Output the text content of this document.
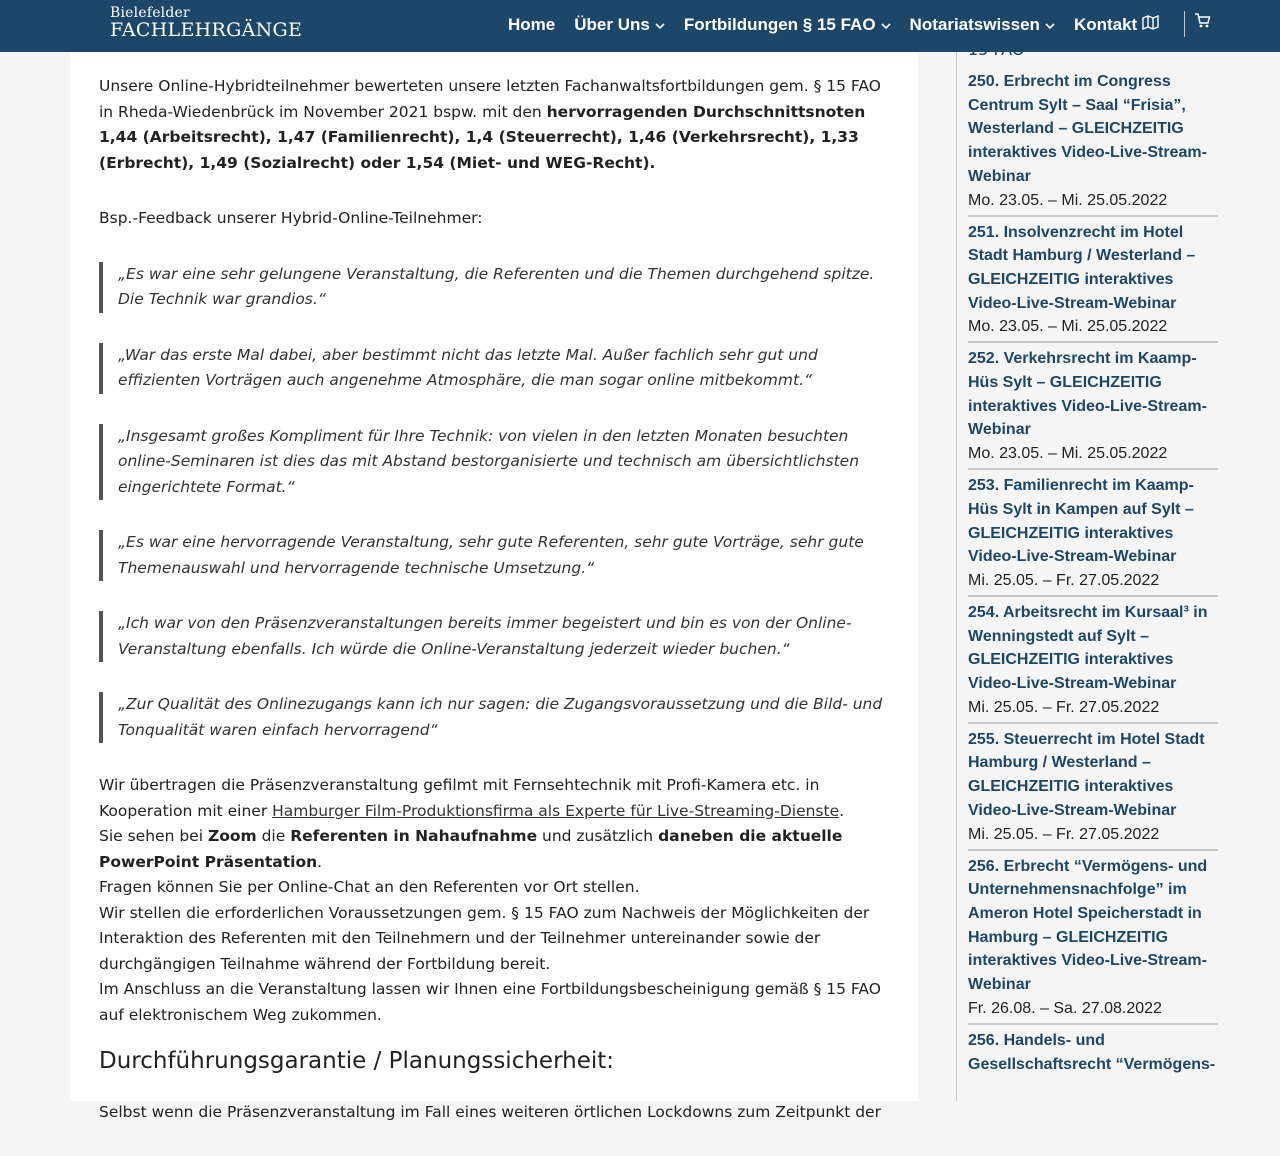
Bielefelder
FACHLEHRGÄNGE	Home Über Uns Fortbildungen § 15 FAO Notariatswissen Kontakt

Unsere Online-Hybridteilnehmer bewerteten unsere letzten Fachanwaltsfortbildungen gem. § 15 FAO in Rheda-Wiedenbrück im November 2021 bspw. mit den hervorragenden Durchschnittsnoten 1,44 (Arbeitsrecht), 1,47 (Familienrecht), 1,4 (Steuerrecht), 1,46 (Verkehrsrecht), 1,33 (Erbrecht), 1,49 (Sozialrecht) oder 1,54 (Miet- und WEG-Recht).

Bsp.-Feedback unserer Hybrid-Online-Teilnehmer:

„Es war eine sehr gelungene Veranstaltung, die Referenten und die Themen durchgehend spitze. Die Technik war grandios.“
„War das erste Mal dabei, aber bestimmt nicht das letzte Mal. Außer fachlich sehr gut und effizienten Vorträgen auch angenehme Atmosphäre, die man sogar online mitbekommt.“
„Insgesamt großes Kompliment für Ihre Technik: von vielen in den letzten Monaten besuchten online-Seminaren ist dies das mit Abstand bestorganisierte und technisch am übersichtlichsten eingerichtete Format.“
„Es war eine hervorragende Veranstaltung, sehr gute Referenten, sehr gute Vorträge, sehr gute Themenauswahl und hervorragende technische Umsetzung.“
„Ich war von den Präsenzveranstaltungen bereits immer begeistert und bin es von der Online- Veranstaltung ebenfalls. Ich würde die Online-Veranstaltung jederzeit wieder buchen.“
„Zur Qualität des Onlinezugangs kann ich nur sagen: die Zugangsvoraussetzung und die Bild- und Tonqualität waren einfach hervorragend“

Wir übertragen die Präsenzveranstaltung gefilmt mit Fernsehtechnik mit Profi-Kamera etc. in Kooperation mit einer Hamburger Film-Produktionsfirma als Experte für Live-Streaming-Dienste.
Sie sehen bei Zoom die Referenten in Nahaufnahme und zusätzlich daneben die aktuelle PowerPoint Präsentation.
Fragen können Sie per Online-Chat an den Referenten vor Ort stellen.
Wir stellen die erforderlichen Voraussetzungen gem. § 15 FAO zum Nachweis der Möglichkeiten der Interaktion des Referenten mit den Teilnehmern und der Teilnehmer untereinander sowie der durchgängigen Teilnahme während der Fortbildung bereit.
Im Anschluss an die Veranstaltung lassen wir Ihnen eine Fortbildungsbescheinigung gemäß § 15 FAO auf elektronischem Weg zukommen.

Durchführungsgarantie / Planungssicherheit:

Selbst wenn die Präsenzveranstaltung im Fall eines weiteren örtlichen Lockdowns zum Zeitpunkt der

250. Erbrecht im Congress Centrum Sylt – Saal “Frisia”, Westerland – GLEICHZEITIG interaktives Video-Live-Stream-Webinar
Mo. 23.05. – Mi. 25.05.2022
251. Insolvenzrecht im Hotel Stadt Hamburg / Westerland – GLEICHZEITIG interaktives Video-Live-Stream-Webinar
Mo. 23.05. – Mi. 25.05.2022
252. Verkehrsrecht im Kaamp-Hüs Sylt – GLEICHZEITIG interaktives Video-Live-Stream-Webinar
Mo. 23.05. – Mi. 25.05.2022
253. Familienrecht im Kaamp-Hüs Sylt in Kampen auf Sylt – GLEICHZEITIG interaktives Video-Live-Stream-Webinar
Mi. 25.05. – Fr. 27.05.2022
254. Arbeitsrecht im Kursaal³ in Wenningstedt auf Sylt – GLEICHZEITIG interaktives Video-Live-Stream-Webinar
Mi. 25.05. – Fr. 27.05.2022
255. Steuerrecht im Hotel Stadt Hamburg / Westerland – GLEICHZEITIG interaktives Video-Live-Stream-Webinar
Mi. 25.05. – Fr. 27.05.2022
256. Erbrecht “Vermögens- und Unternehmensnachfolge” im Ameron Hotel Speicherstadt in Hamburg – GLEICHZEITIG interaktives Video-Live-Stream-Webinar
Fr. 26.08. – Sa. 27.08.2022
256. Handels- und Gesellschaftsrecht “Vermögens-
